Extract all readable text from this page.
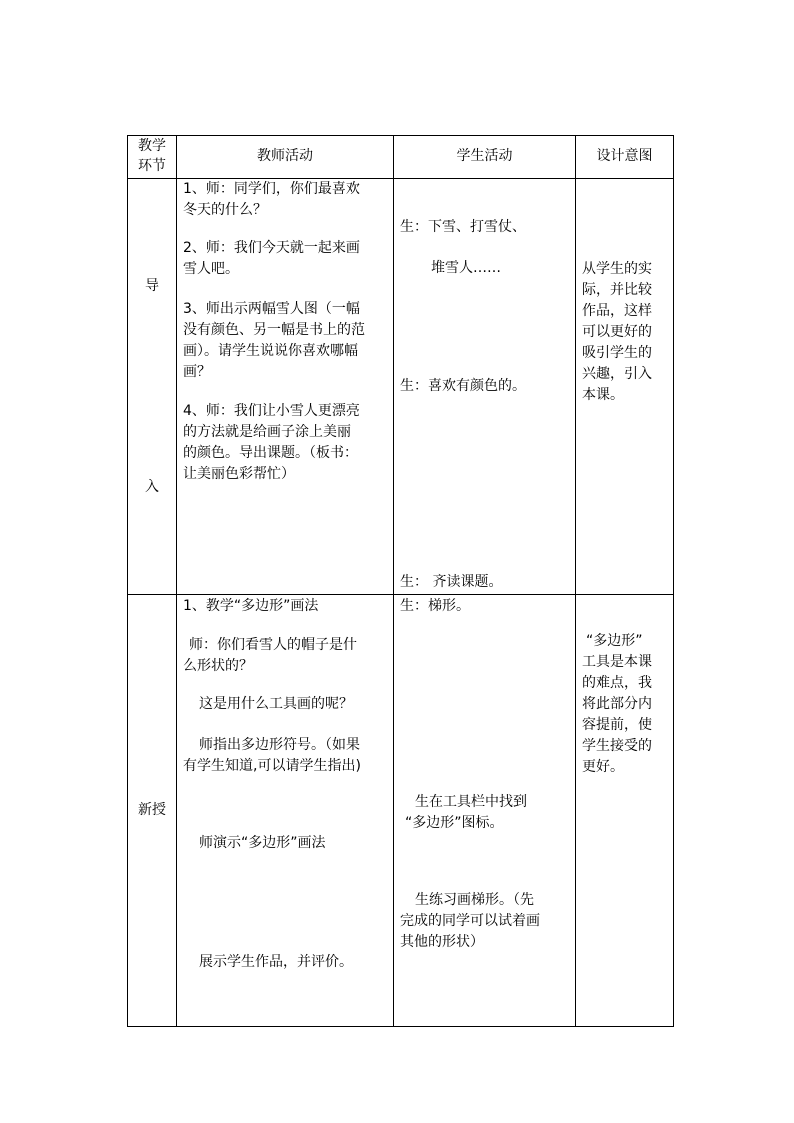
教学
环节
教师活动	学生活动	设计意图
导
入
1、师：同学们，你们最喜欢
冬天的什么？
2、师：我们今天就一起来画
雪人吧。
3、师出示两幅雪人图（一幅
没有颜色、另一幅是书上的范
画）。请学生说说你喜欢哪幅
画？
4、师：我们让小雪人更漂亮
的方法就是给画子涂上美丽
的颜色。导出课题。（板书：
让美丽色彩帮忙）
生：下雪、打雪仗、
堆雪人……
生：喜欢有颜色的。
生： 齐读课题。
从学生的实
际，并比较
作品，这样
可以更好的
吸引学生的
兴趣，引入
本课。
新授
1、教学“多边形”画法
师：你们看雪人的帽子是什
么形状的？
这是用什么工具画的呢？
师指出多边形符号。（如果
有学生知道,可以请学生指出)
师演示“多边形”画法
展示学生作品，并评价。
生：梯形。
生在工具栏中找到
“多边形”图标。
生练习画梯形。（先
完成的同学可以试着画
其他的形状）
“多边形”
工具是本课
的难点，我
将此部分内
容提前，使
学生接受的
更好。
